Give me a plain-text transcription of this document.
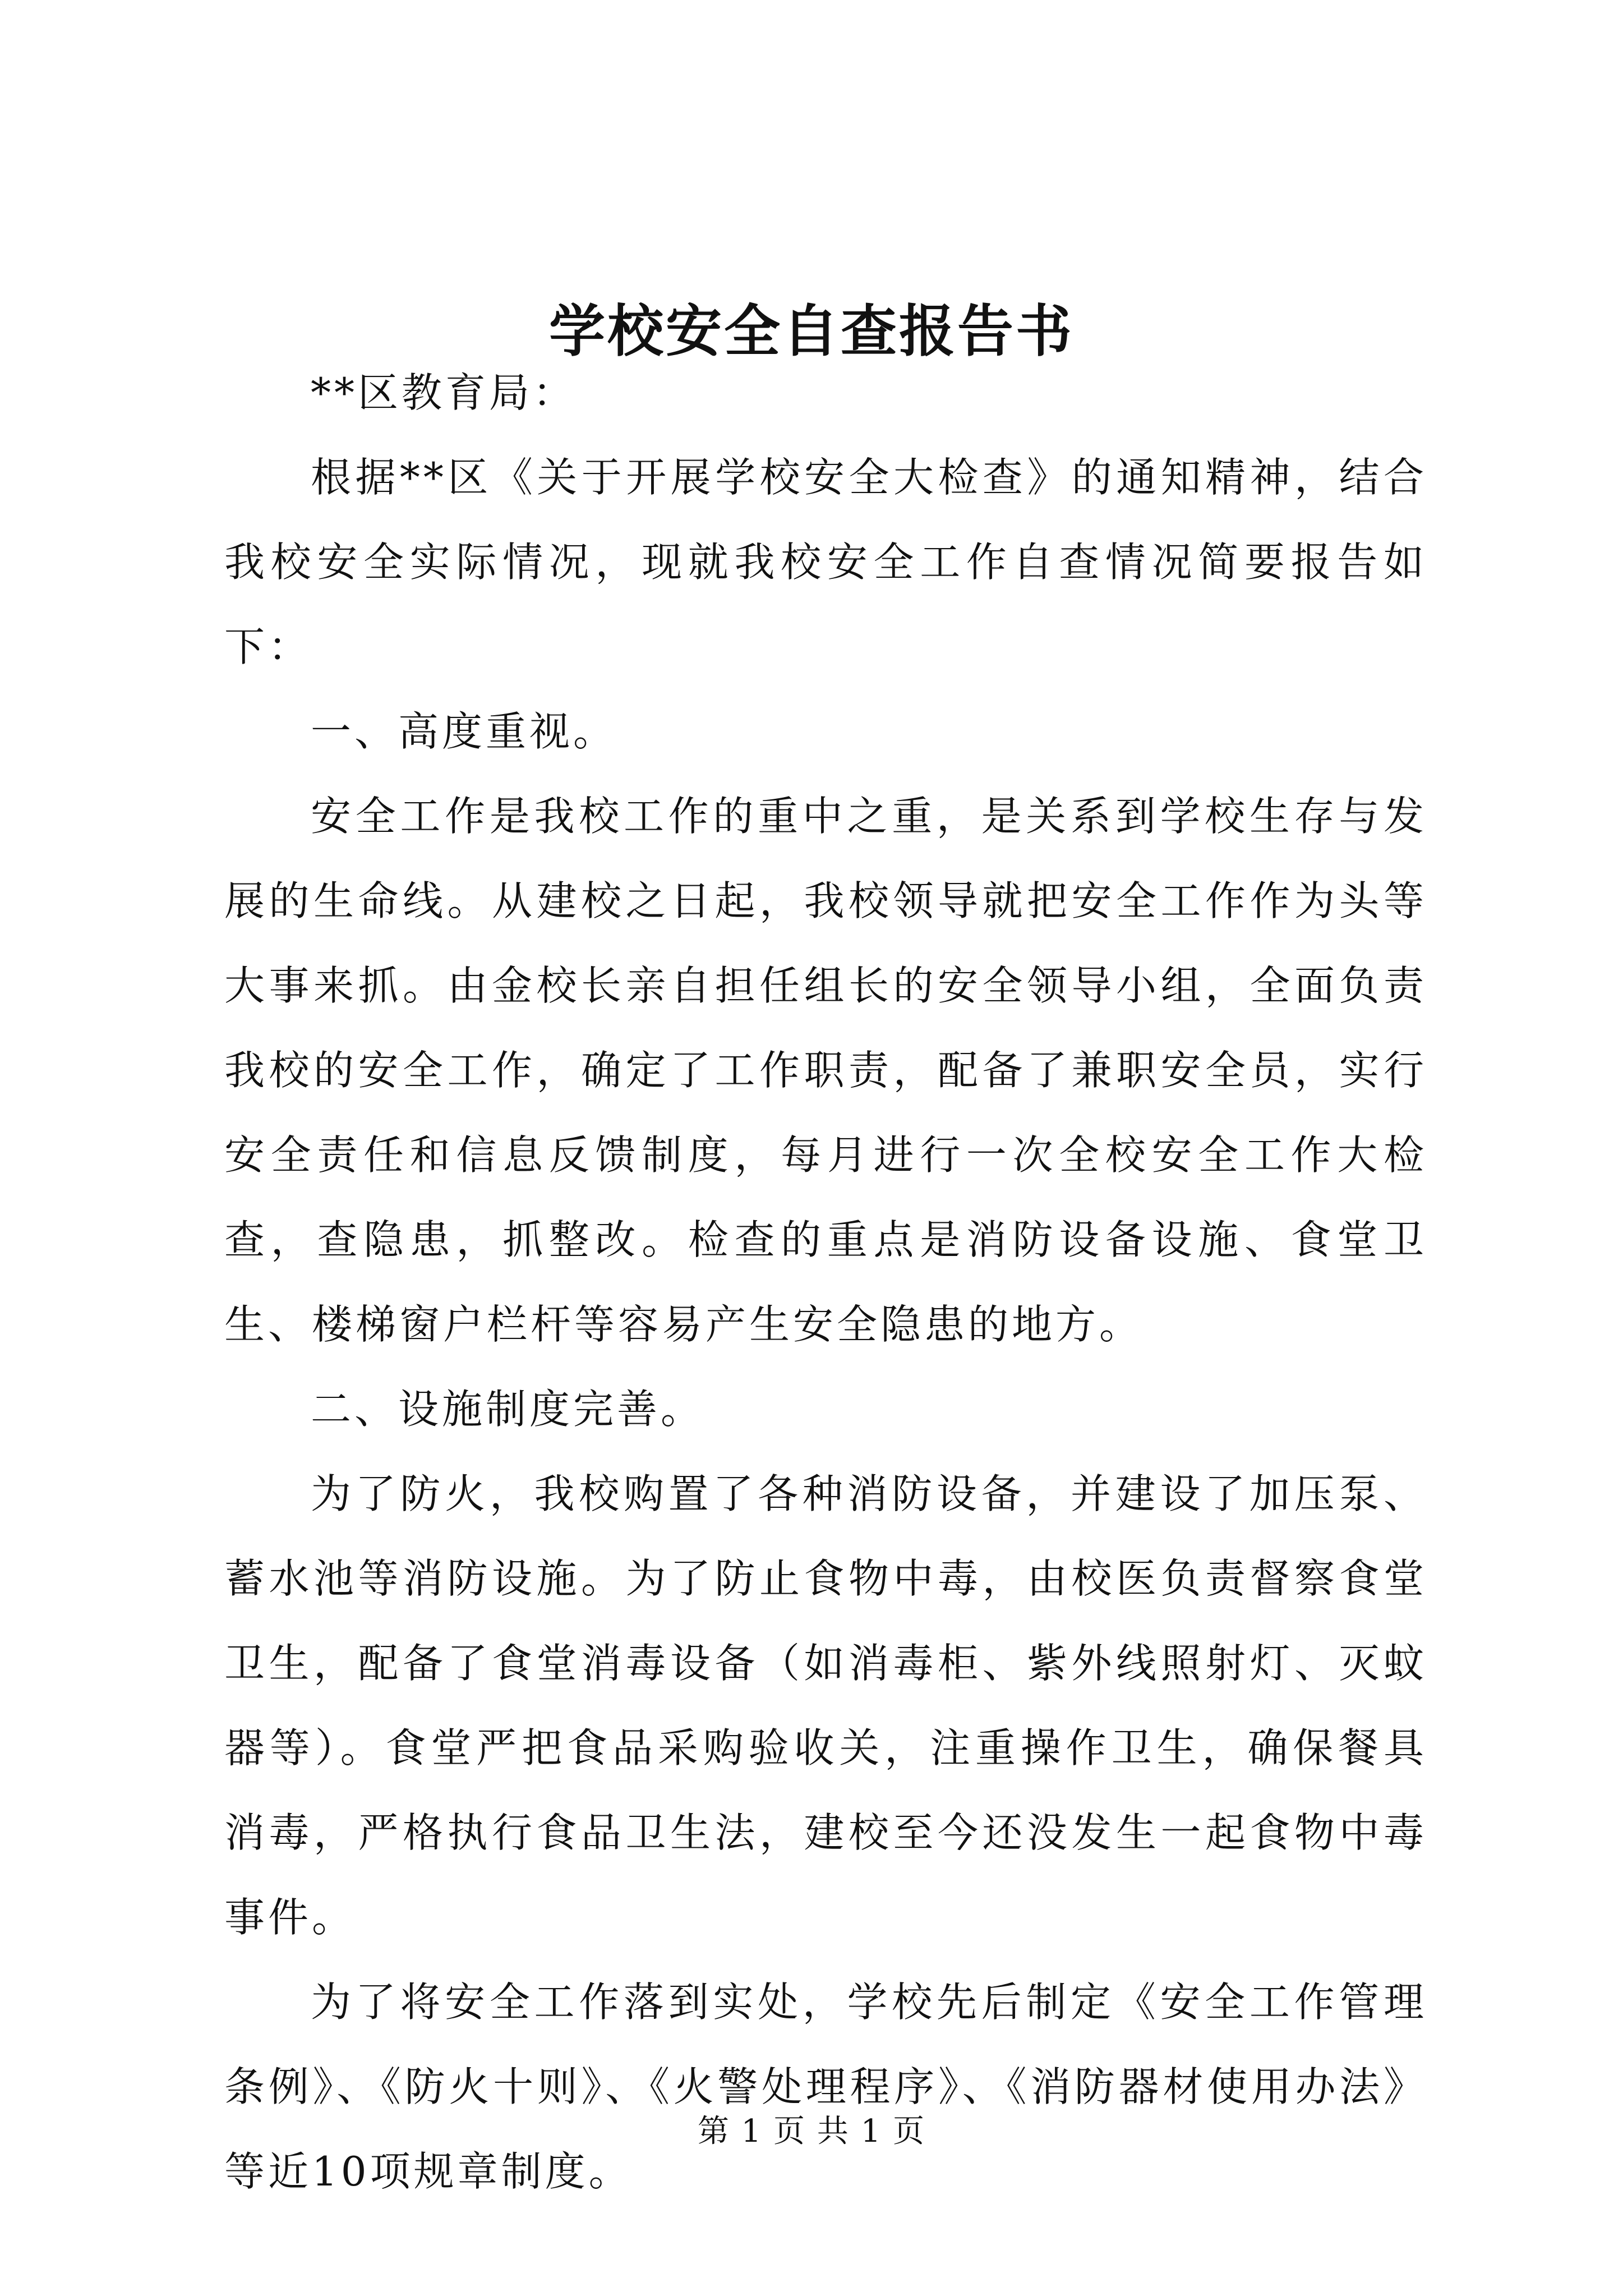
学校安全自查报告书

**区教育局：

根据**区《关于开展学校安全大检查》的通知精神，结合我校安全实际情况，现就我校安全工作自查情况简要报告如下：

一、高度重视。

安全工作是我校工作的重中之重，是关系到学校生存与发展的生命线。从建校之日起，我校领导就把安全工作作为头等大事来抓。由金校长亲自担任组长的安全领导小组，全面负责我校的安全工作，确定了工作职责，配备了兼职安全员，实行安全责任和信息反馈制度，每月进行一次全校安全工作大检查，查隐患，抓整改。检查的重点是消防设备设施、食堂卫生、楼梯窗户栏杆等容易产生安全隐患的地方。

二、设施制度完善。

为了防火，我校购置了各种消防设备，并建设了加压泵、蓄水池等消防设施。为了防止食物中毒，由校医负责督察食堂卫生，配备了食堂消毒设备（如消毒柜、紫外线照射灯、灭蚊器等）。食堂严把食品采购验收关，注重操作卫生，确保餐具消毒，严格执行食品卫生法，建校至今还没发生一起食物中毒事件。

为了将安全工作落到实处，学校先后制定《安全工作管理条例》、《防火十则》、《火警处理程序》、《消防器材使用办法》等近10项规章制度。

第 1 页 共 1 页
